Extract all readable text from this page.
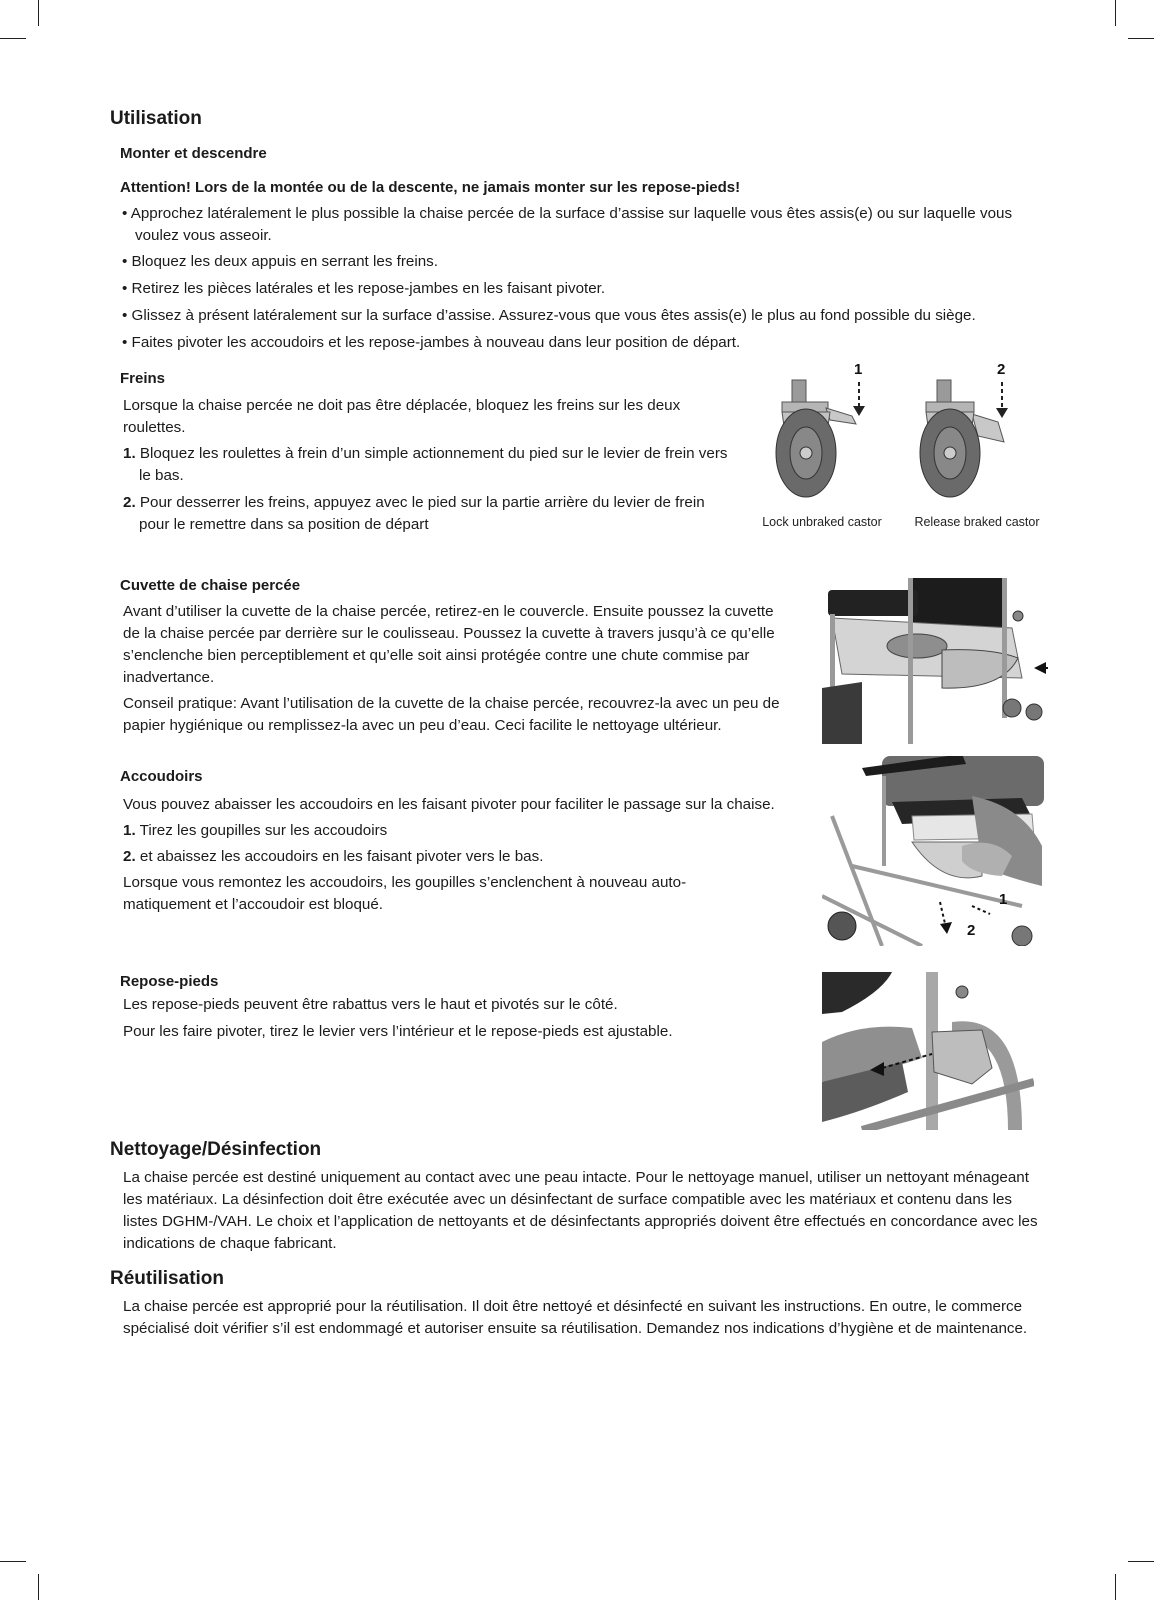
Utilisation
Monter et descendre

Attention! Lors de la montée ou de la descente, ne jamais monter sur les repose-pieds!

• Approchez latéralement le plus possible la chaise percée de la surface d’assise sur laquelle vous êtes assis(e) ou sur laquelle vous voulez vous asseoir.

• Bloquez les deux appuis en serrant les freins.

• Retirez les pièces latérales et les repose-jambes en les faisant pivoter.

• Glissez à présent latéralement sur la surface d’assise. Assurez-vous que vous êtes assis(e) le plus au fond possible du siège.

• Faites pivoter les accoudoirs et les repose-jambes à nouveau dans leur position de départ.

Freins

Lorsque la chaise percée ne doit pas être déplacée, bloquez les freins sur les deux roulettes.

1. Bloquez les roulettes à frein d’un simple actionnement du pied sur le levier de frein vers le bas.

2. Pour desserrer les freins, appuyez avec le pied sur la partie arrière du levier de frein pour le remettre dans sa position de départ

1	2
Lock unbraked castor	Release braked castor
Cuvette de chaise percée

Avant d’utiliser la cuvette de la chaise percée, retirez-en le couvercle. Ensuite poussez la cuvette de la chaise percée par derrière sur le coulisseau. Poussez la cuvette à travers jusqu’à ce qu’elle s’enclenche bien perceptiblement et qu’elle soit ainsi protégée contre une chute commise par inadvertance.

Conseil pratique: Avant l’utilisation de la cuvette de la chaise percée, recouvrez-la avec un peu de papier hygiénique ou remplissez-la avec un peu d’eau. Ceci facilite le nettoyage ultérieur.

Accoudoirs

Vous pouvez abaisser les accoudoirs en les faisant pivoter pour faciliter le passage sur la chaise.

1. Tirez les goupilles sur les accoudoirs

2. et abaissez les accoudoirs en les faisant pivoter vers le bas.

Lorsque vous remontez les accoudoirs, les goupilles s’enclenchent à nouveau automatiquement et l’accoudoir est bloqué.	1
2
Repose-pieds

Les repose-pieds peuvent être rabattus vers le haut et pivotés sur le côté.

Pour les faire pivoter, tirez le levier vers l’intérieur et le repose-pieds est ajustable.

Nettoyage/Désinfection

La chaise percée est destiné uniquement au contact avec une peau intacte. Pour le nettoyage manuel, utiliser un nettoyant ménageant les matériaux. La désinfection doit être exécutée avec un désinfectant de surface compatible avec les matériaux et contenu dans les listes DGHM-/VAH. Le choix et l’application de nettoyants et de désinfectants appropriés doivent être effectués en concordance avec les indications de chaque fabricant.

Réutilisation

La chaise percée est approprié pour la réutilisation. Il doit être nettoyé et désinfecté en suivant les instructions. En outre, le commerce spécialisé doit vérifier s’il est endommagé et autoriser ensuite sa réutilisation. Demandez nos indications d’hygiène et de maintenance.
